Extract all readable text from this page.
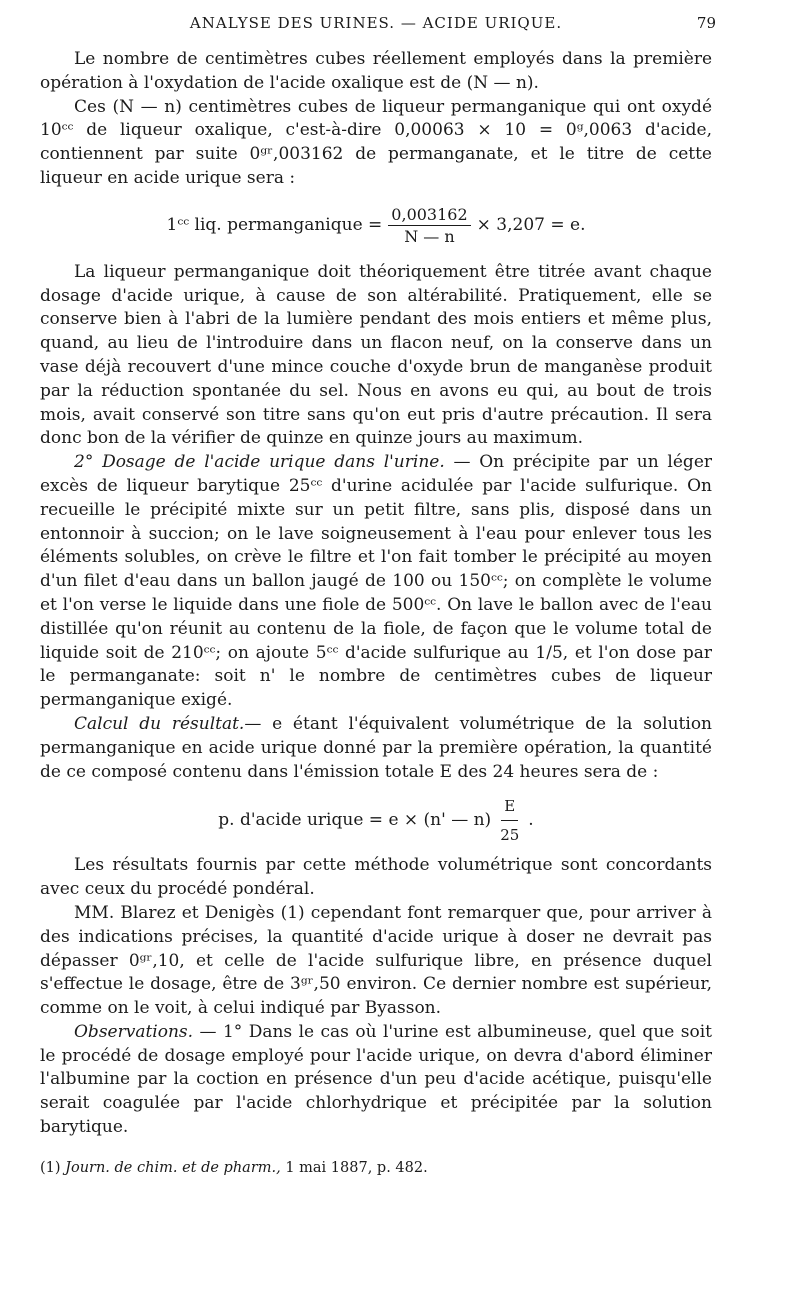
ANALYSE DES URINES. — ACIDE URIQUE.	79

Le nombre de centimètres cubes réellement employés dans la première opération à l'oxydation de l'acide oxalique est de (N — n).

Ces (N — n) centimètres cubes de liqueur permanganique qui ont oxydé 10ᶜᶜ de liqueur oxalique, c'est-à-dire 0,00063 × 10 = 0ᵍ,0063 d'acide, contiennent par suite 0ᵍʳ,003162 de permanganate, et le titre de cette liqueur en acide urique sera :

1ᶜᶜ liq. permanganique = $\frac{0,003162}{N — n} \times 3,207 = e$.

La liqueur permanganique doit théoriquement être titrée avant chaque dosage d'acide urique, à cause de son altérabilité. Pratiquement, elle se conserve bien à l'abri de la lumière pendant des mois entiers et même plus, quand, au lieu de l'introduire dans un flacon neuf, on la conserve dans un vase déjà recouvert d'une mince couche d'oxyde brun de manganèse produit par la réduction spontanée du sel. Nous en avons eu qui, au bout de trois mois, avait conservé son titre sans qu'on eut pris d'autre précaution. Il sera donc bon de la vérifier de quinze en quinze jours au maximum.

2° Dosage de l'acide urique dans l'urine. — On précipite par un léger excès de liqueur barytique 25ᶜᶜ d'urine acidulée par l'acide sulfurique. On recueille le précipité mixte sur un petit filtre, sans plis, disposé dans un entonnoir à succion; on le lave soigneusement à l'eau pour enlever tous les éléments solubles, on crève le filtre et l'on fait tomber le précipité au moyen d'un filet d'eau dans un ballon jaugé de 100 ou 150ᶜᶜ; on complète le volume et l'on verse le liquide dans une fiole de 500ᶜᶜ. On lave le ballon avec de l'eau distillée qu'on réunit au contenu de la fiole, de façon que le volume total de liquide soit de 210ᶜᶜ; on ajoute 5ᶜᶜ d'acide sulfurique au 1/5, et l'on dose par le permanganate: soit n' le nombre de centimètres cubes de liqueur permanganique exigé.

Calcul du résultat.— e étant l'équivalent volumétrique de la solution permanganique en acide urique donné par la première opération, la quantité de ce composé contenu dans l'émission totale E des 24 heures sera de :

p. d'acide urique = e × (n' — $n) \frac{E}{25}$ .

Les résultats fournis par cette méthode volumétrique sont concordants avec ceux du procédé pondéral.

MM. Blarez et Denigès (1) cependant font remarquer que, pour arriver à des indications précises, la quantité d'acide urique à doser ne devrait pas dépasser 0ᵍʳ,10, et celle de l'acide sulfurique libre, en présence duquel s'effectue le dosage, être de 3ᵍʳ,50 environ. Ce dernier nombre est supérieur, comme on le voit, à celui indiqué par Byasson.

Observations. — 1° Dans le cas où l'urine est albumineuse, quel que soit le procédé de dosage employé pour l'acide urique, on devra d'abord éliminer l'albumine par la coction en présence d'un peu d'acide acétique, puisqu'elle serait coagulée par l'acide chlorhydrique et précipitée par la solution barytique.

(1) Journ. de chim. et de pharm., 1 mai 1887, p. 482.
